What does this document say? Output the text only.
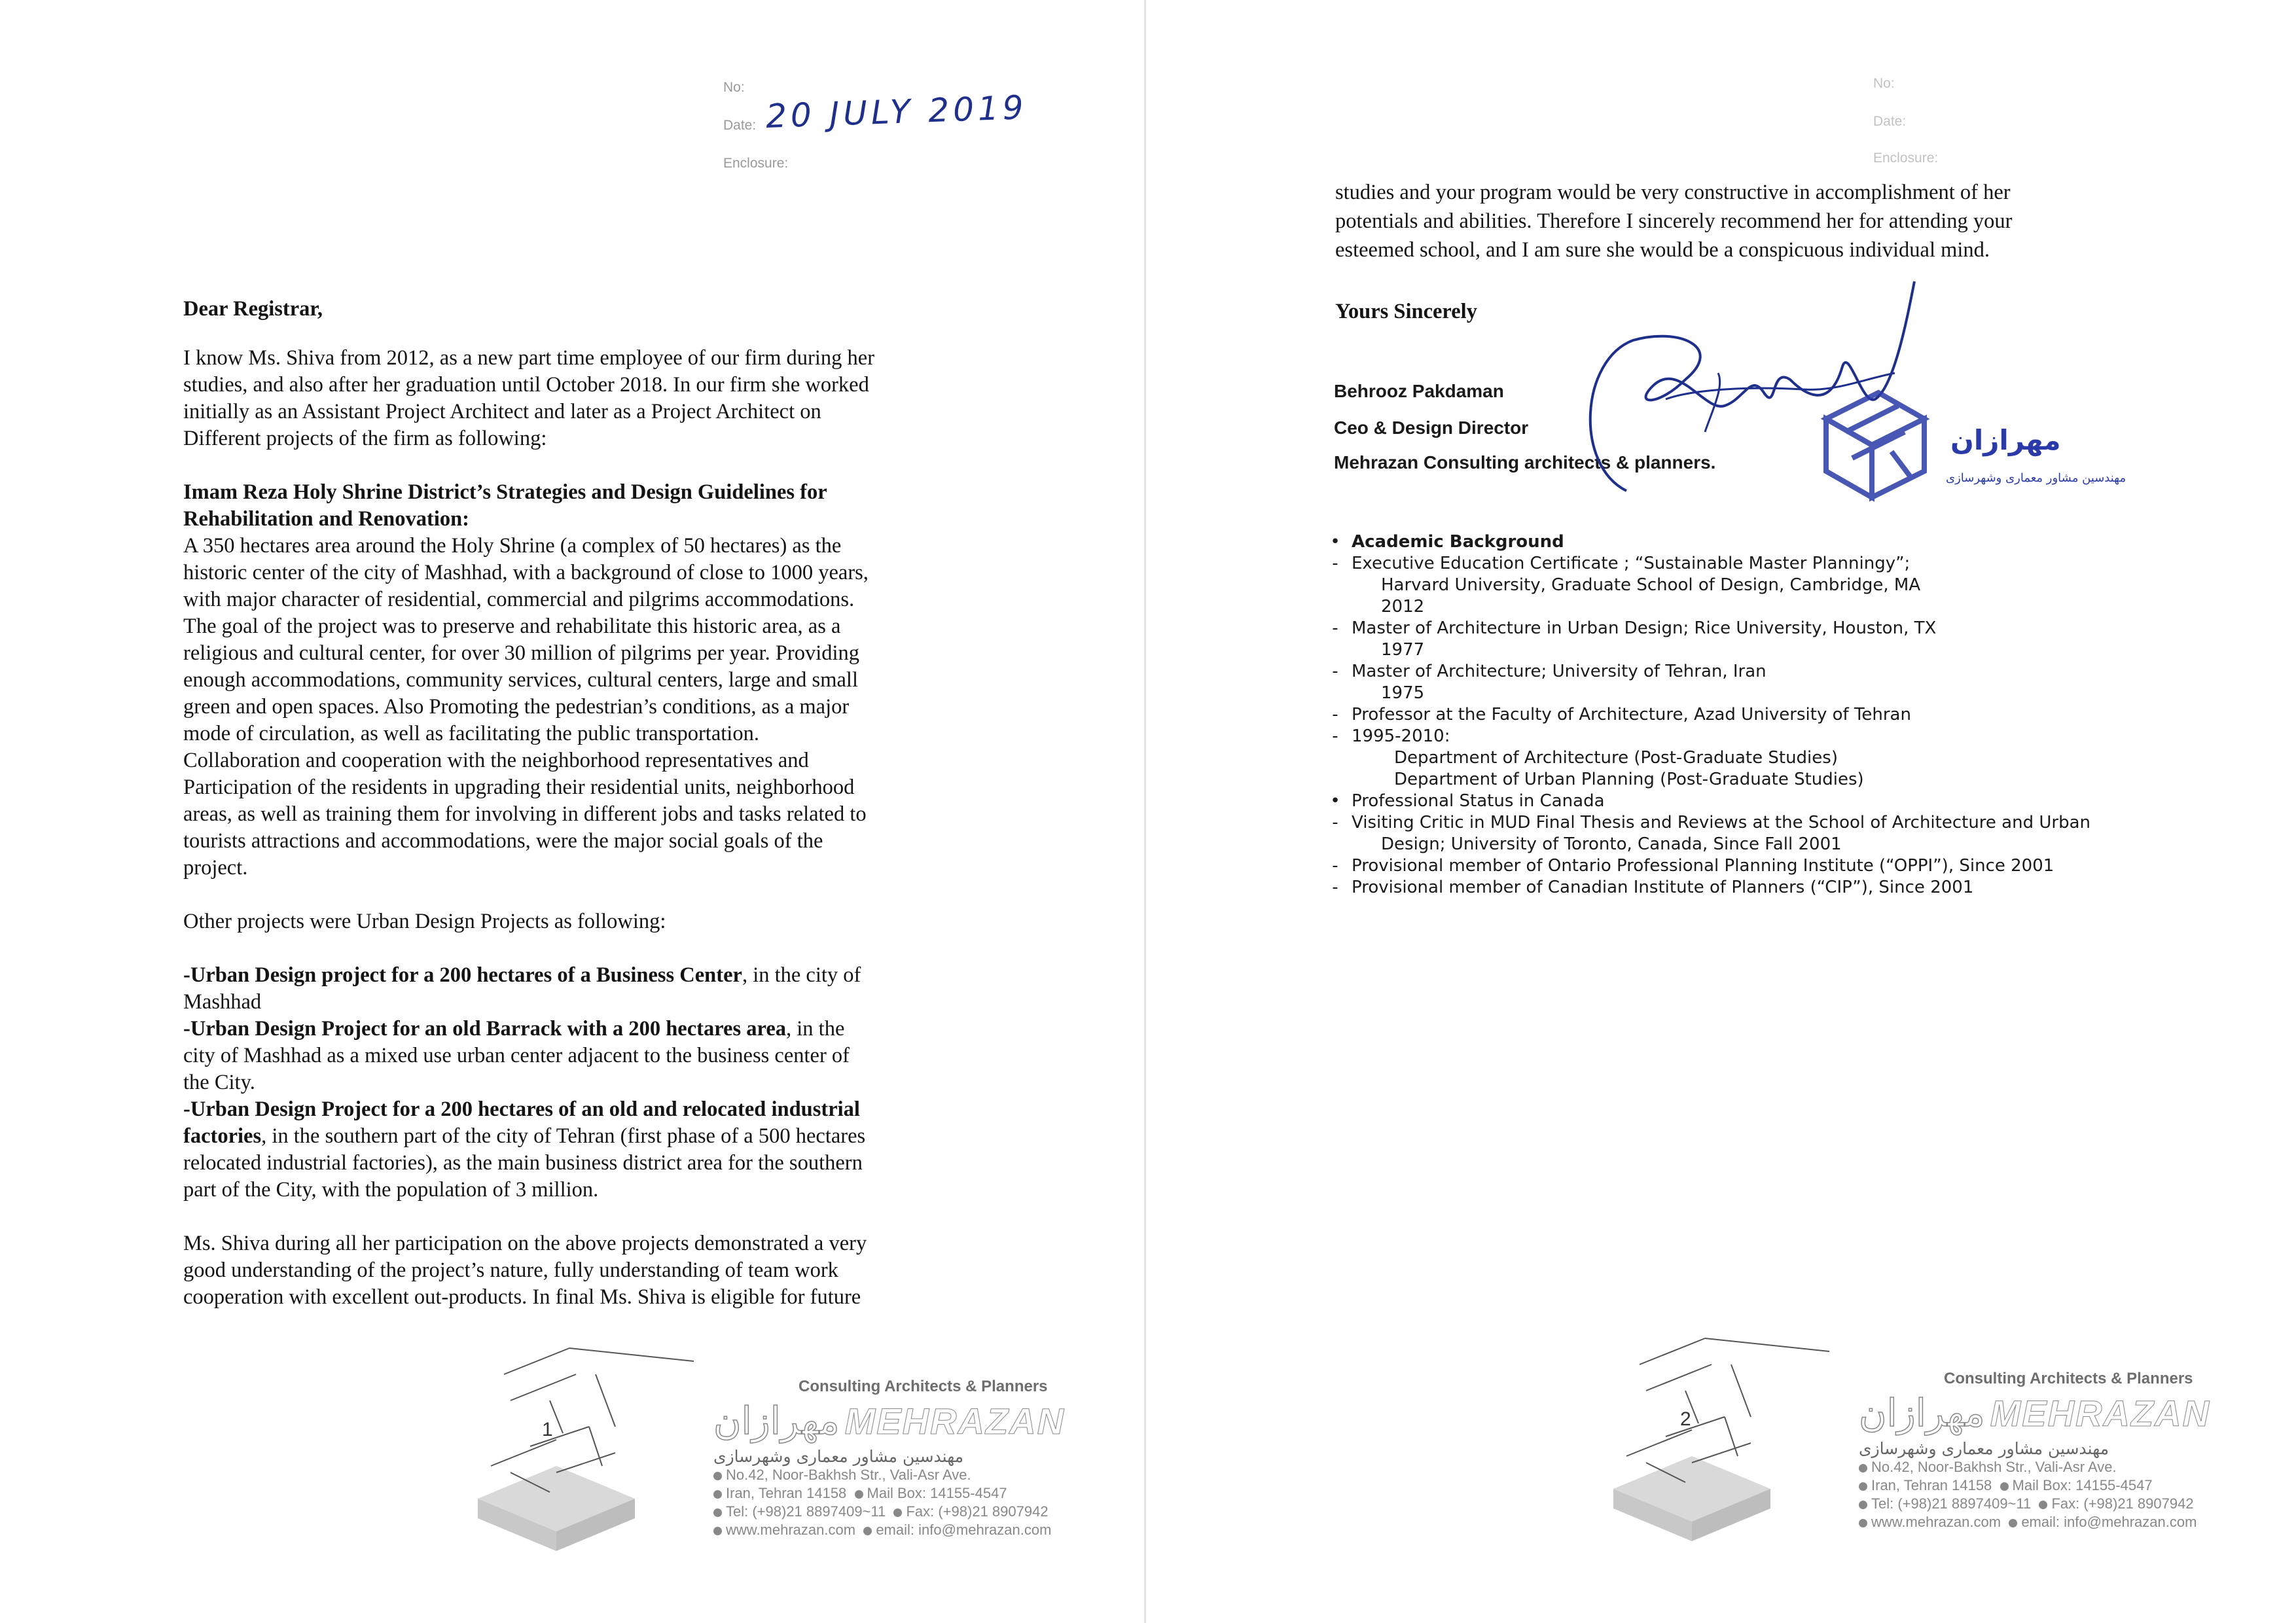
No:
Date: 20 JULY 2019
Enclosure:

Dear Registrar,

I know Ms. Shiva from 2012, as a new part time employee of our firm during her

studies, and also after her graduation until October 2018. In our firm she worked

initially as an Assistant Project Architect and later as a Project Architect on

Different projects of the firm as following:

Imam Reza Holy Shrine District’s Strategies and Design Guidelines for

Rehabilitation and Renovation:

A 350 hectares area around the Holy Shrine (a complex of 50 hectares) as the

historic center of the city of Mashhad, with a background of close to 1000 years,

with major character of residential, commercial and pilgrims accommodations.

The goal of the project was to preserve and rehabilitate this historic area, as a

religious and cultural center, for over 30 million of pilgrims per year. Providing

enough accommodations, community services, cultural centers, large and small

green and open spaces. Also Promoting the pedestrian’s conditions, as a major

mode of circulation, as well as facilitating the public transportation.

Collaboration and cooperation with the neighborhood representatives and

Participation of the residents in upgrading their residential units, neighborhood

areas, as well as training them for involving in different jobs and tasks related to

tourists attractions and accommodations, were the major social goals of the

project.

Other projects were Urban Design Projects as following:

-Urban Design project for a 200 hectares of a Business Center, in the city of

Mashhad

-Urban Design Project for an old Barrack with a 200 hectares area, in the

city of Mashhad as a mixed use urban center adjacent to the business center of

the City.

-Urban Design Project for a 200 hectares of an old and relocated industrial

factories, in the southern part of the city of Tehran (first phase of a 500 hectares

relocated industrial factories), as the main business district area for the southern

part of the City, with the population of 3 million.

Ms. Shiva during all her participation on the above projects demonstrated a very

good understanding of the project’s nature, fully understanding of team work

cooperation with excellent out-products. In final Ms. Shiva is eligible for future

1
Consulting Architects & Planners
مهرازان MEHRAZAN
مهندسین مشاور معماری وشهرسازی
No.42, Noor-Bakhsh Str., Vali-Asr Ave.
Iran, Tehran 14158 Mail Box: 14155-4547
Tel: (+98)21 8897409~11 Fax: (+98)21 8907942
www.mehrazan.com email: info@mehrazan.com
No:
Date:
Enclosure:

studies and your program would be very constructive in accomplishment of her

potentials and abilities. Therefore I sincerely recommend her for attending your

esteemed school, and I am sure she would be a conspicuous individual mind.

Yours Sincerely

Behrooz Pakdaman
Ceo & Design Director
Mehrazan Consulting architects & planners.
مهرازان
مهندسین مشاور معماری وشهرسازی
• Academic Background
- Executive Education Certificate ; “Sustainable Master Planningy”;
Harvard University, Graduate School of Design, Cambridge, MA
2012
- Master of Architecture in Urban Design; Rice University, Houston, TX
1977
- Master of Architecture; University of Tehran, Iran
1975
- Professor at the Faculty of Architecture, Azad University of Tehran
- 1995-2010:
Department of Architecture (Post-Graduate Studies)
Department of Urban Planning (Post-Graduate Studies)
• Professional Status in Canada
- Visiting Critic in MUD Final Thesis and Reviews at the School of Architecture and Urban
Design; University of Toronto, Canada, Since Fall 2001
- Provisional member of Ontario Professional Planning Institute (“OPPI”), Since 2001
- Provisional member of Canadian Institute of Planners (“CIP”), Since 2001
2
Consulting Architects & Planners
مهرازان MEHRAZAN
مهندسین مشاور معماری وشهرسازی
No.42, Noor-Bakhsh Str., Vali-Asr Ave.
Iran, Tehran 14158 Mail Box: 14155-4547
Tel: (+98)21 8897409~11 Fax: (+98)21 8907942
www.mehrazan.com email: info@mehrazan.com
